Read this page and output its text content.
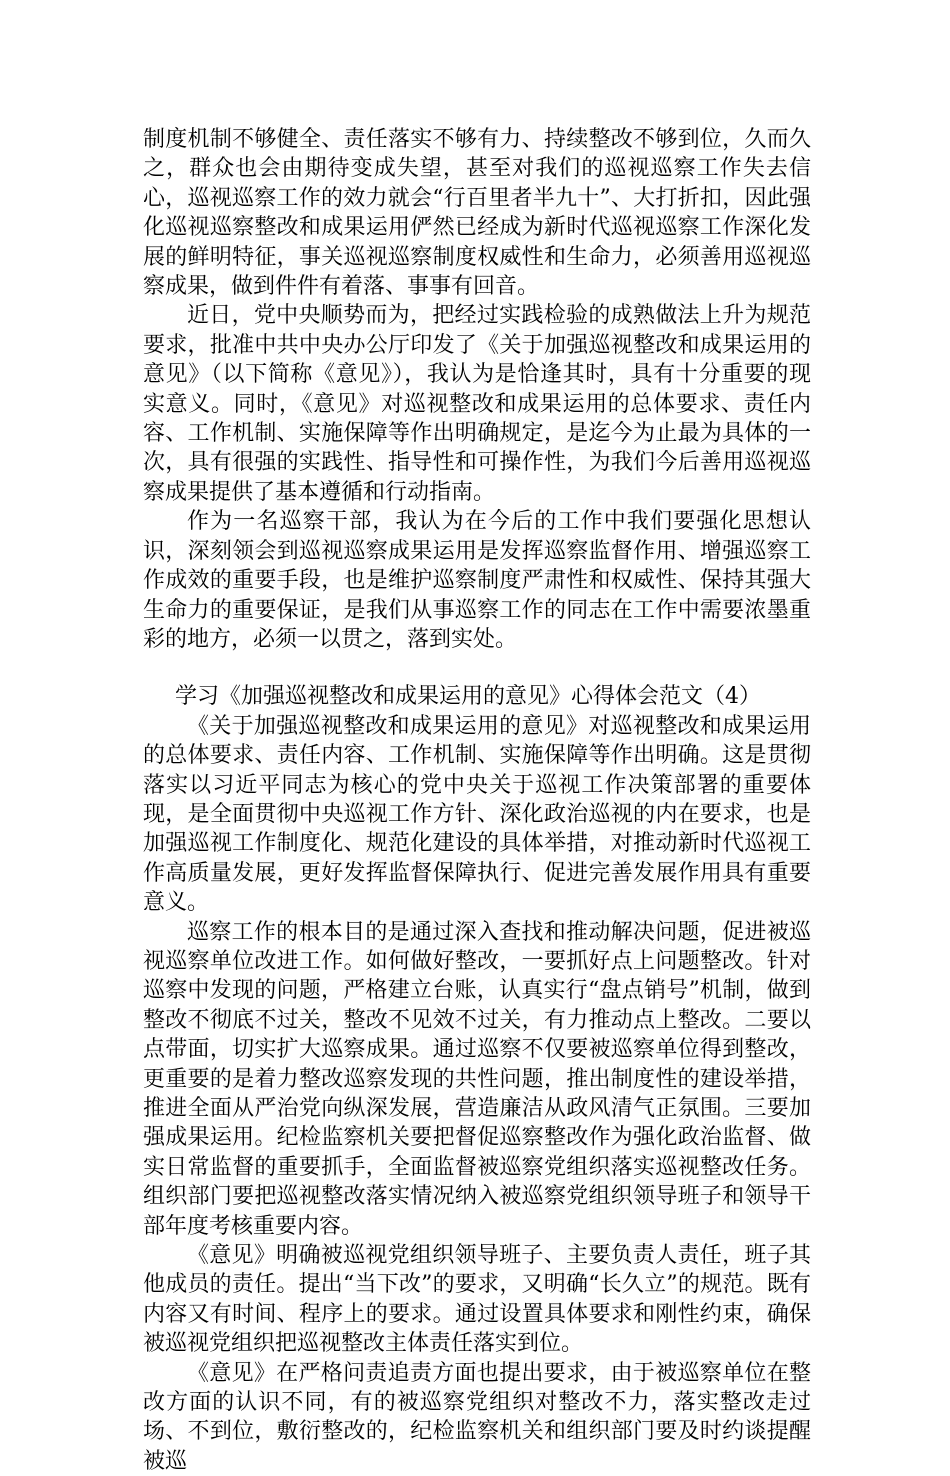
制度机制不够健全、责任落实不够有力、持续整改不够到位，久而久之，群众也会由期待变成失望，甚至对我们的巡视巡察工作失去信心，巡视巡察工作的效力就会“行百里者半九十”、大打折扣，因此强化巡视巡察整改和成果运用俨然已经成为新时代巡视巡察工作深化发展的鲜明特征，事关巡视巡察制度权威性和生命力，必须善用巡视巡察成果，做到件件有着落、事事有回音。

近日，党中央顺势而为，把经过实践检验的成熟做法上升为规范要求，批准中共中央办公厅印发了《关于加强巡视整改和成果运用的意见》（以下简称《意见》），我认为是恰逢其时，具有十分重要的现实意义。同时，《意见》对巡视整改和成果运用的总体要求、责任内容、工作机制、实施保障等作出明确规定，是迄今为止最为具体的一次，具有很强的实践性、指导性和可操作性，为我们今后善用巡视巡察成果提供了基本遵循和行动指南。

作为一名巡察干部，我认为在今后的工作中我们要强化思想认识，深刻领会到巡视巡察成果运用是发挥巡察监督作用、增强巡察工作成效的重要手段，也是维护巡察制度严肃性和权威性、保持其强大生命力的重要保证，是我们从事巡察工作的同志在工作中需要浓墨重彩的地方，必须一以贯之，落到实处。

学习《加强巡视整改和成果运用的意见》心得体会范文（4）

《关于加强巡视整改和成果运用的意见》对巡视整改和成果运用的总体要求、责任内容、工作机制、实施保障等作出明确。这是贯彻落实以习近平同志为核心的党中央关于巡视工作决策部署的重要体现，是全面贯彻中央巡视工作方针、深化政治巡视的内在要求，也是加强巡视工作制度化、规范化建设的具体举措，对推动新时代巡视工作高质量发展，更好发挥监督保障执行、促进完善发展作用具有重要意义。

巡察工作的根本目的是通过深入查找和推动解决问题，促进被巡视巡察单位改进工作。如何做好整改，一要抓好点上问题整改。针对巡察中发现的问题，严格建立台账，认真实行“盘点销号”机制，做到整改不彻底不过关，整改不见效不过关，有力推动点上整改。二要以点带面，切实扩大巡察成果。通过巡察不仅要被巡察单位得到整改，更重要的是着力整改巡察发现的共性问题，推出制度性的建设举措，推进全面从严治党向纵深发展，营造廉洁从政风清气正氛围。三要加强成果运用。纪检监察机关要把督促巡察整改作为强化政治监督、做实日常监督的重要抓手，全面监督被巡察党组织落实巡视整改任务。组织部门要把巡视整改落实情况纳入被巡察党组织领导班子和领导干部年度考核重要内容。

《意见》明确被巡视党组织领导班子、主要负责人责任，班子其他成员的责任。提出“当下改”的要求，又明确“长久立”的规范。既有内容又有时间、程序上的要求。通过设置具体要求和刚性约束，确保被巡视党组织把巡视整改主体责任落实到位。

《意见》在严格问责追责方面也提出要求，由于被巡察单位在整改方面的认识不同，有的被巡察党组织对整改不力，落实整改走过场、不到位，敷衍整改的，纪检监察机关和组织部门要及时约谈提醒被巡
